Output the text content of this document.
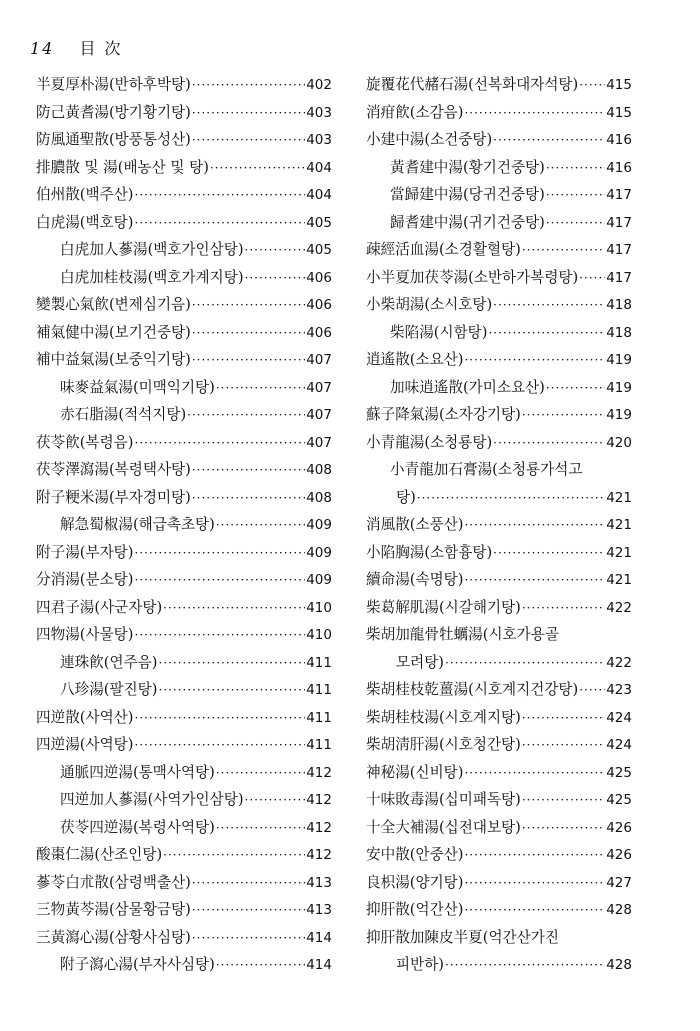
14 目 次
半夏厚朴湯(반하후박탕) ·····	402
防己黃耆湯(방기황기탕) ·····	403
防風通聖散(방풍통성산) ·····	403
排膿散 및 湯(배농산 및 탕) ·····	404
伯州散(백주산) ·····	404
白虎湯(백호탕) ·····	405
白虎加人蔘湯(백호가인삼탕) ·····	405
白虎加桂枝湯(백호가계지탕) ·····	406
變製心氣飮(변제심기음) ·····	406
補氣健中湯(보기건중탕) ·····	406
補中益氣湯(보중익기탕) ·····	407
味麥益氣湯(미맥익기탕) ·····	407
赤石脂湯(적석지탕) ·····	407
茯苓飮(복령음) ·····	407
茯苓澤瀉湯(복령택사탕) ·····	408
附子粳米湯(부자경미탕) ·····	408
解急蜀椒湯(해급촉초탕) ·····	409
附子湯(부자탕) ·····	409
分消湯(분소탕) ·····	409
四君子湯(사군자탕) ·····	410
四物湯(사물탕) ·····	410
連珠飮(연주음) ·····	411
八珍湯(팔진탕) ·····	411
四逆散(사역산) ·····	411
四逆湯(사역탕) ·····	411
通脈四逆湯(통맥사역탕) ·····	412
四逆加人蔘湯(사역가인삼탕) ·····	412
茯苓四逆湯(복령사역탕) ·····	412
酸棗仁湯(산조인탕) ·····	412
蔘苓白朮散(삼령백출산) ·····	413
三物黃芩湯(삼물황금탕) ·····	413
三黃瀉心湯(삼황사심탕) ·····	414
附子瀉心湯(부자사심탕) ·····	414
旋覆花代赭石湯(선복화대자석탕) ····· 415
消疳飮(소감음) ·····	415
小建中湯(소건중탕) ·····	416
黃耆建中湯(황기건중탕) ·····	416
當歸建中湯(당귀건중탕) ·····	417
歸耆建中湯(귀기건중탕) ·····	417
疎經活血湯(소경활혈탕) ·····	417
小半夏加茯苓湯(소반하가복령탕) ····· 417
小柴胡湯(소시호탕) ·····	418
柴陷湯(시함탕) ·····	418
逍遙散(소요산) ·····	419
加味逍遙散(가미소요산) ·····	419
蘇子降氣湯(소자강기탕) ·····	419
小青龍湯(소청룡탕) ·····	420
小青龍加石膏湯(소청룡가석고
탕) ·····	421
消風散(소풍산) ·····	421
小陷胸湯(소함흉탕) ·····	421
續命湯(속명탕) ·····	421
柴葛解肌湯(시갈해기탕) ·····	422
柴胡加龍骨牡蠣湯(시호가용골
모려탕) ·····	422
柴胡桂枝乾薑湯(시호계지건강탕) ····· 423
柴胡桂枝湯(시호계지탕) ·····	424
柴胡淸肝湯(시호청간탕) ·····	424
神秘湯(신비탕) ·····	425
十味敗毒湯(십미패독탕) ·····	425
十全大補湯(십전대보탕) ·····	426
安中散(안중산) ·····	426
良枳湯(양기탕) ·····	427
抑肝散(억간산) ·····	428
抑肝散加陳皮半夏(억간산가진
피반하) ·····	428
